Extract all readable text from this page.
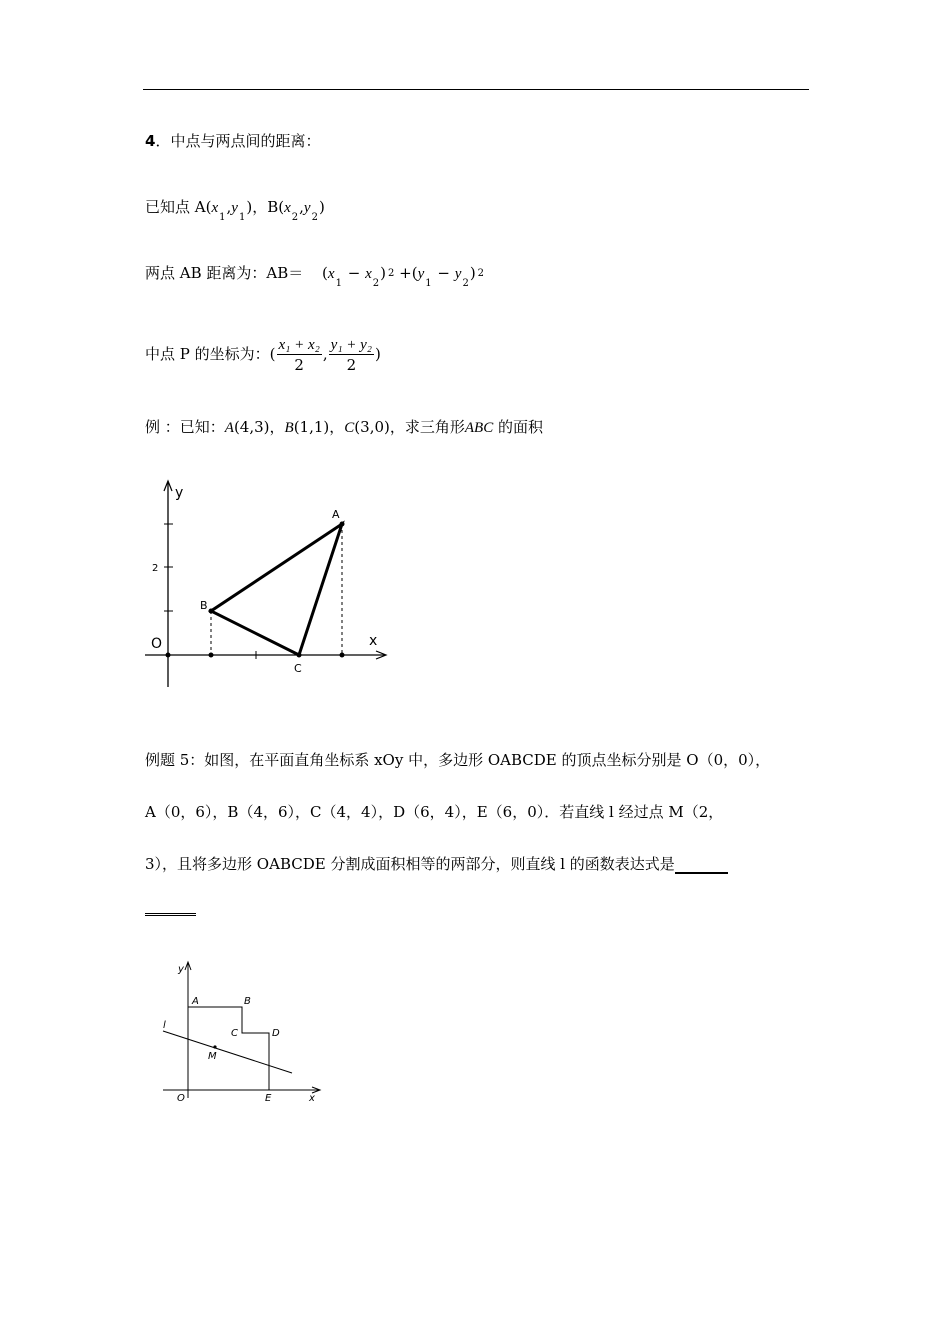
4．中点与两点间的距离：
已知点 $A(x_1,y_1)$，$B(x_2,y_2)$
两点 AB 距离为：$AB= (x_1 - x_2)$ $2 +(y_1 - y_2)$ 2
中点 P 的坐标为：( $\frac{\text{x₁ + x₂}}{2}$ , $\frac{\text{y₁ + y₂}}{2}$ )
例 ：已知：A(4,3)，B(1,1)，C(3,0)，求三角形ABC 的面积
y
x
O
2
A
B
C
例题 5：如图，在平面直角坐标系 xOy 中，多边形 OABCDE 的顶点坐标分别是 O（0，0），
A（0，6），B（4，6），C（4，4），D（6，4），E（6，0）．若直线 l 经过点 M（2，
3），且将多边形 OABCDE 分割成面积相等的两部分，则直线 l 的函数表达式是
y
x
O
A	B
C	D
E
M
l
